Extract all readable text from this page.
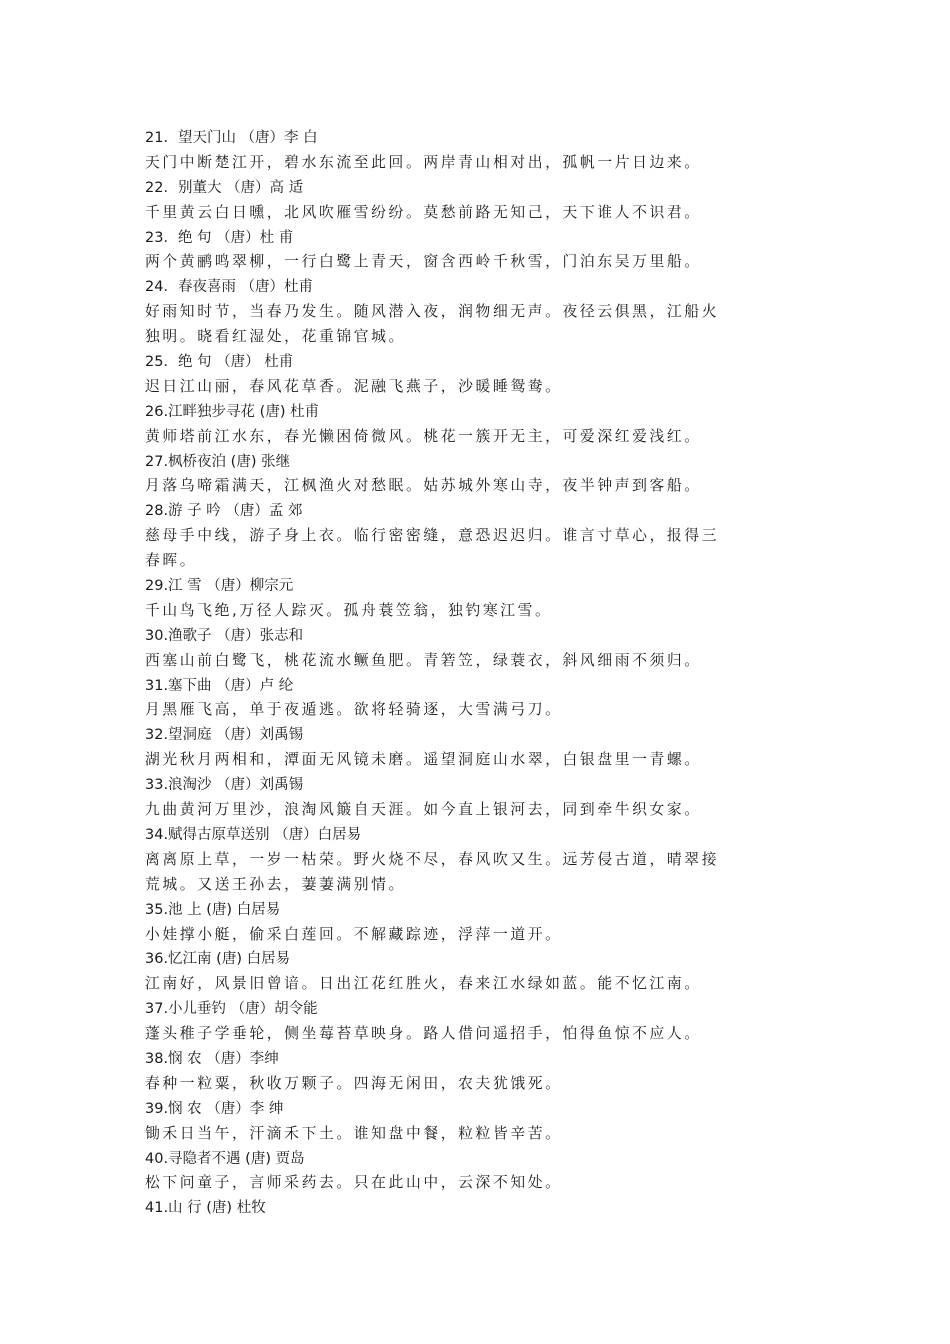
21．望天门山 （唐）李 白
天门中断楚江开，碧水东流至此回。两岸青山相对出，孤帆一片日边来。
22．别董大 （唐）高 适
千里黄云白日曛，北风吹雁雪纷纷。莫愁前路无知己，天下谁人不识君。
23．绝 句 （唐）杜 甫
两个黄鹂鸣翠柳，一行白鹭上青天，窗含西岭千秋雪，门泊东吴万里船。
24．春夜喜雨 （唐）杜甫
好雨知时节，当春乃发生。随风潜入夜，润物细无声。夜径云俱黑，江船火
独明。晓看红湿处，花重锦官城。
25．绝 句 （唐） 杜甫
迟日江山丽，春风花草香。泥融飞燕子，沙暖睡鸳鸯。
26.江畔独步寻花 (唐) 杜甫
黄师塔前江水东，春光懒困倚微风。桃花一簇开无主，可爱深红爱浅红。
27.枫桥夜泊 (唐) 张继
月落乌啼霜满天，江枫渔火对愁眠。姑苏城外寒山寺，夜半钟声到客船。
28.游 子 吟 （唐）孟 郊
慈母手中线，游子身上衣。临行密密缝，意恐迟迟归。谁言寸草心，报得三
春晖。
29.江 雪 （唐）柳宗元
千山鸟飞绝,万径人踪灭。孤舟蓑笠翁，独钓寒江雪。
30.渔歌子 （唐）张志和
西塞山前白鹭飞，桃花流水鳜鱼肥。青箬笠，绿蓑衣，斜风细雨不须归。
31.塞下曲 （唐）卢 纶
月黑雁飞高，单于夜遁逃。欲将轻骑逐，大雪满弓刀。
32.望洞庭 （唐）刘禹锡
湖光秋月两相和，潭面无风镜未磨。遥望洞庭山水翠，白银盘里一青螺。
33.浪淘沙 （唐）刘禹锡
九曲黄河万里沙，浪淘风簸自天涯。如今直上银河去，同到牵牛织女家。
34.赋得古原草送别 （唐）白居易
离离原上草，一岁一枯荣。野火烧不尽，春风吹又生。远芳侵古道，晴翠接
荒城。又送王孙去，萋萋满别情。
35.池 上 (唐) 白居易
小娃撑小艇，偷采白莲回。不解藏踪迹，浮萍一道开。
36.忆江南 (唐) 白居易
江南好，风景旧曾谙。日出江花红胜火，春来江水绿如蓝。能不忆江南。
37.小儿垂钓 （唐）胡令能
蓬头稚子学垂轮，侧坐莓苔草映身。路人借问遥招手，怕得鱼惊不应人。
38.悯 农 （唐）李绅
春种一粒粟，秋收万颗子。四海无闲田，农夫犹饿死。
39.悯 农 （唐）李 绅
锄禾日当午，汗滴禾下土。谁知盘中餐，粒粒皆辛苦。
40.寻隐者不遇 (唐) 贾岛
松下问童子，言师采药去。只在此山中，云深不知处。
41.山 行 (唐) 杜牧
